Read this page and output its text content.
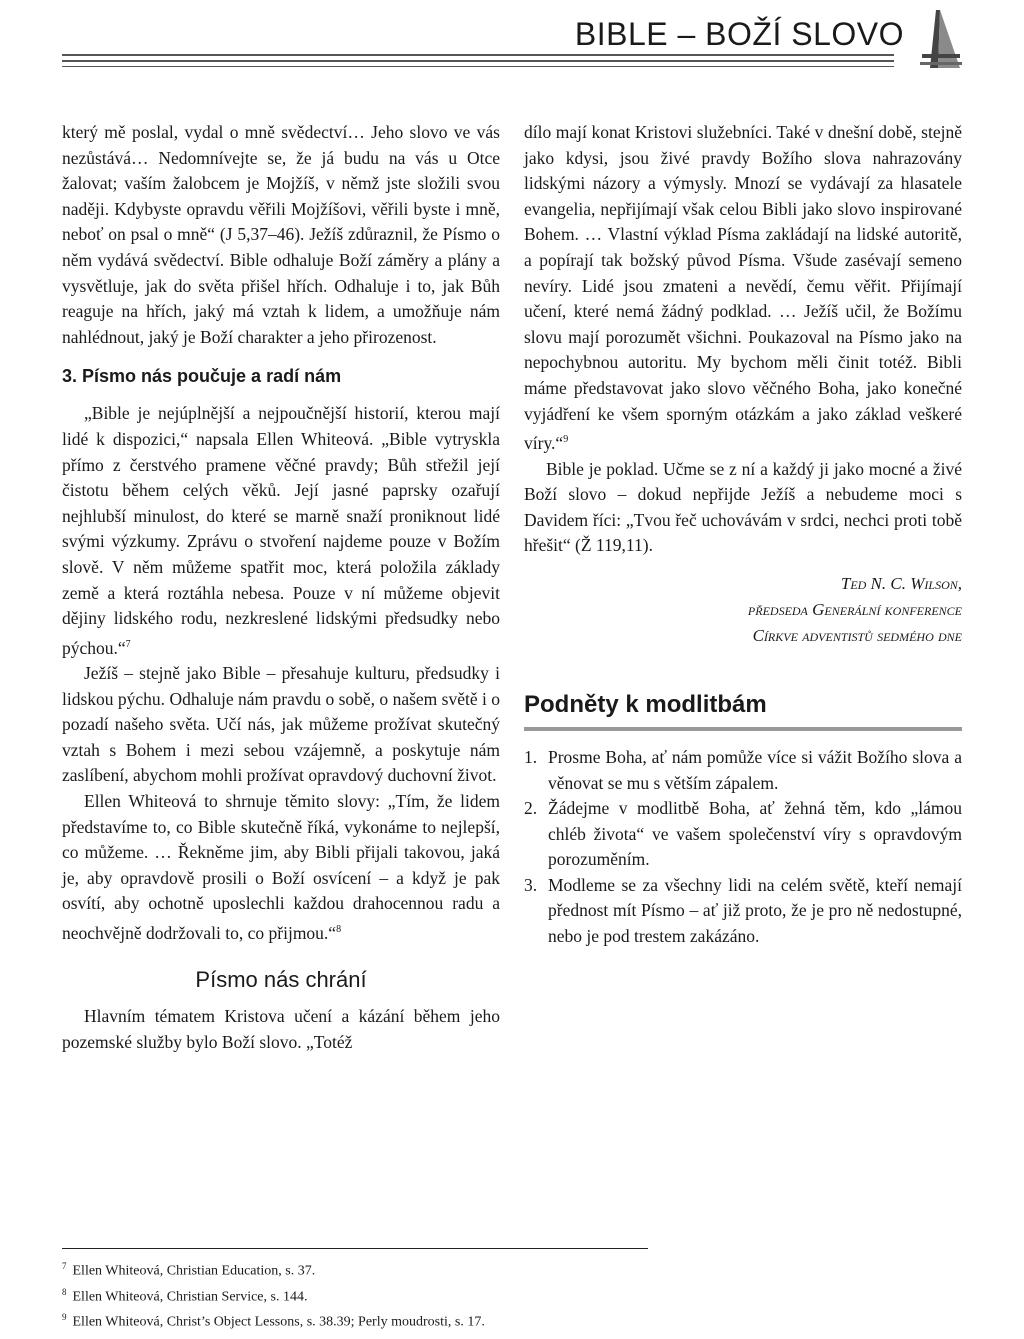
BIBLE – BOŽÍ SLOVO

který mě poslal, vydal o mně svědectví… Jeho slovo ve vás nezůstává… Nedomnívejte se, že já budu na vás u Otce žalovat; vaším žalobcem je Mojžíš, v němž jste složili svou naději. Kdybyste opravdu věřili Mojžíšovi, věřili byste i mně, neboť on psal o mně“ (J 5,37–46). Ježíš zdůraznil, že Písmo o něm vydává svědectví. Bible odhaluje Boží záměry a plány a vysvětluje, jak do světa přišel hřích. Odhaluje i to, jak Bůh reaguje na hřích, jaký má vztah k lidem, a umožňuje nám nahlédnout, jaký je Boží charakter a jeho přirozenost.

3. Písmo nás poučuje a radí nám

„Bible je nejúplnější a nejpoučnější historií, kterou mají lidé k dispozici,“ napsala Ellen Whiteová. „Bible vytryskla přímo z čerstvého pramene věčné pravdy; Bůh střežil její čistotu během celých věků. Její jasné paprsky ozařují nejhlubší minulost, do které se marně snaží proniknout lidé svými výzkumy. Zprávu o stvoření najdeme pouze v Božím slově. V něm můžeme spatřit moc, která položila základy země a která roztáhla nebesa. Pouze v ní můžeme objevit dějiny lidského rodu, nezkreslené lidskými předsudky nebo pýchou.“$^7$

Ježíš – stejně jako Bible – přesahuje kulturu, předsudky i lidskou pýchu. Odhaluje nám pravdu o sobě, o našem světě i o pozadí našeho světa. Učí nás, jak můžeme prožívat skutečný vztah s Bohem i mezi sebou vzájemně, a poskytuje nám zaslíbení, abychom mohli prožívat opravdový duchovní život.

Ellen Whiteová to shrnuje těmito slovy: „Tím, že lidem představíme to, co Bible skutečně říká, vykonáme to nejlepší, co můžeme. … Řekněme jim, aby Bibli přijali takovou, jaká je, aby opravdově prosili o Boží osvícení – a když je pak osvítí, aby ochotně uposlechli každou drahocennou radu a neochvějně dodržovali to, co přijmou.“$^8$

Písmo nás chrání

Hlavním tématem Kristova učení a kázání během jeho pozemské služby bylo Boží slovo. „Totéž

dílo mají konat Kristovi služebníci. Také v dnešní době, stejně jako kdysi, jsou živé pravdy Božího slova nahrazovány lidskými názory a výmysly. Mnozí se vydávají za hlasatele evangelia, nepřijímají však celou Bibli jako slovo inspirované Bohem. … Vlastní výklad Písma zakládají na lidské autoritě, a popírají tak božský původ Písma. Všude zasévají semeno nevíry. Lidé jsou zmateni a nevědí, čemu věřit. Přijímají učení, které nemá žádný podklad. … Ježíš učil, že Božímu slovu mají porozumět všichni. Poukazoval na Písmo jako na nepochybnou autoritu. My bychom měli činit totéž. Bibli máme představovat jako slovo věčného Boha, jako konečné vyjádření ke všem sporným otázkám a jako základ veškeré víry.“$^9$

Bible je poklad. Učme se z ní a každý ji jako mocné a živé Boží slovo – dokud nepřijde Ježíš a nebudeme moci s Davidem říci: „Tvou řeč uchovávám v srdci, nechci proti tobě hřešit“ (Ž 119,11).

Ted N. C. Wilson,

předseda Generální konference

Církve adventistů sedmého dne

Podněty k modlitbám
1. Prosme Boha, ať nám pomůže více si vážit Božího slova a věnovat se mu s větším zápalem.
2. Žádejme v modlitbě Boha, ať žehná těm, kdo „lámou chléb života“ ve vašem společenství víry s opravdovým porozuměním.
3. Modleme se za všechny lidi na celém světě, kteří nemají přednost mít Písmo – ať již proto, že je pro ně nedostupné, nebo je pod trestem zakázáno.

$^7$ Ellen Whiteová, Christian Education, s. 37.

$^8$ Ellen Whiteová, Christian Service, s. 144.

$^9$ Ellen Whiteová, Christ’s Object Lessons, s. 38.39; Perly moudrosti, s. 17.
